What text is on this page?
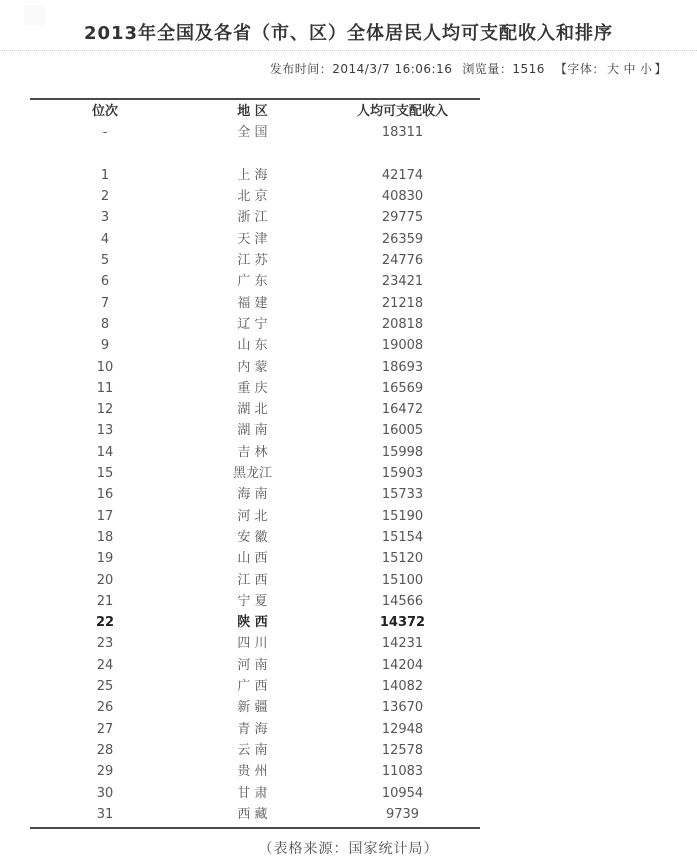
2013年全国及各省（市、区）全体居民人均可支配收入和排序
发布时间：2014/3/7 16:06:16 浏览量：1516 【字体： 大 中 小 】
位次	地 区	人均可支配收入
-	全 国	18311
1	上 海	42174
2	北 京	40830
3	浙 江	29775
4	天 津	26359
5	江 苏	24776
6	广 东	23421
7	福 建	21218
8	辽 宁	20818
9	山 东	19008
10	内 蒙	18693
11	重 庆	16569
12	湖 北	16472
13	湖 南	16005
14	吉 林	15998
15	黑龙江	15903
16	海 南	15733
17	河 北	15190
18	安 徽	15154
19	山 西	15120
20	江 西	15100
21	宁 夏	14566
22	陕 西	14372
23	四 川	14231
24	河 南	14204
25	广 西	14082
26	新 疆	13670
27	青 海	12948
28	云 南	12578
29	贵 州	11083
30	甘 肃	10954
31	西 藏	9739
（表格来源：国家统计局）
